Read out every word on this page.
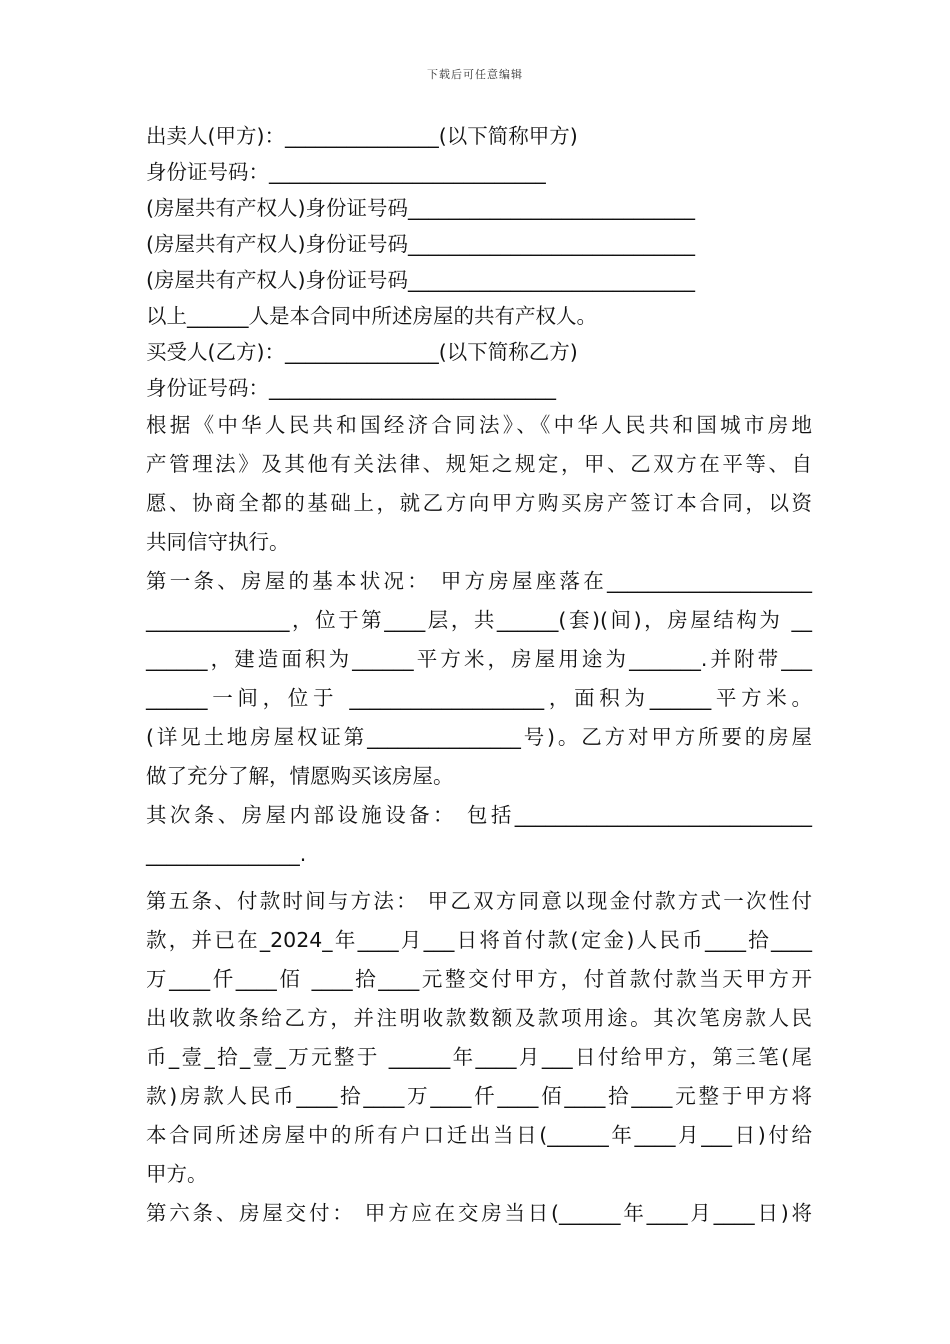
下载后可任意编辑
出卖人(甲方)：_______________(以下简称甲方)
身份证号码：___________________________
(房屋共有产权人)身份证号码____________________________
(房屋共有产权人)身份证号码____________________________
(房屋共有产权人)身份证号码____________________________
以上______人是本合同中所述房屋的共有产权人。
买受人(乙方)：_______________(以下简称乙方)
身份证号码：____________________________
根据《中华人民共和国经济合同法》、《中华人民共和国城市房地
产管理法》及其他有关法律、规矩之规定，甲、乙双方在平等、自
愿、协商全都的基础上，就乙方向甲方购买房产签订本合同，以资
共同信守执行。
第一条、房屋的基本状况： 甲方房屋座落在____________________
______________，位于第____层，共______(套)(间)，房屋结构为 __
______，建造面积为______平方米，房屋用途为_______.并附带___
______一间，位于 ___________________，面积为______平方米。
(详见土地房屋权证第_______________号)。乙方对甲方所要的房屋
做了充分了解，情愿购买该房屋。
其次条、房屋内部设施设备： 包括_____________________________
_______________.
第五条、付款时间与方法： 甲乙双方同意以现金付款方式一次性付
款，并已在_2024_年____月___日将首付款(定金)人民币____拾____
万____仟____佰 ____拾____元整交付甲方，付首款付款当天甲方开
出收款收条给乙方，并注明收款数额及款项用途。其次笔房款人民
币_壹_拾_壹_万元整于 ______年____月___日付给甲方，第三笔(尾
款)房款人民币____拾____万____仟____佰____拾____元整于甲方将
本合同所述房屋中的所有户口迁出当日(______年____月___日)付给
甲方。
第六条、房屋交付： 甲方应在交房当日(______年____月____日)将
